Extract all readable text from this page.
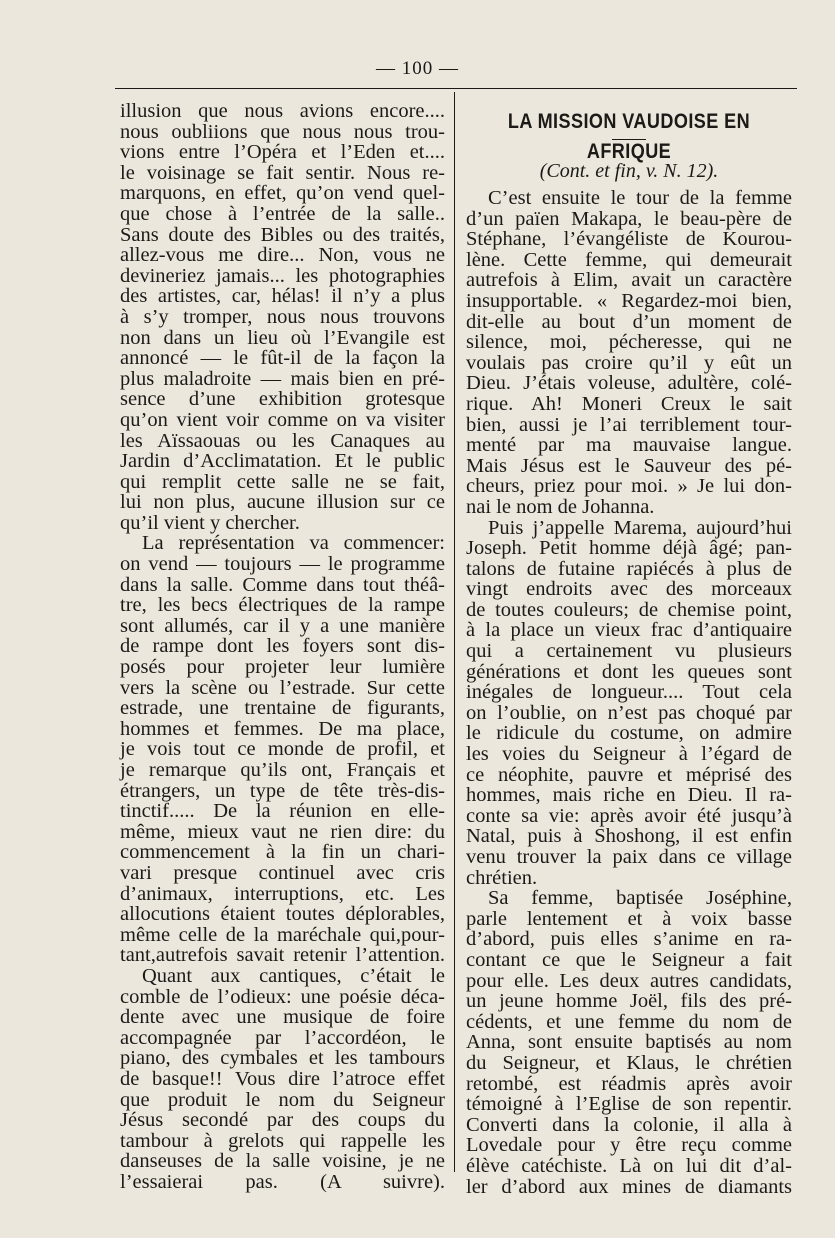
— 100 —
illusion que nous avions encore....
nous oubliions que nous nous trou-
vions entre l’Opéra et l’Eden et....
le voisinage se fait sentir. Nous re-
marquons, en effet, qu’on vend quel-
que chose à l’entrée de la salle..
Sans doute des Bibles ou des traités,
allez-vous me dire... Non, vous ne
devineriez jamais... les photographies
des artistes, car, hélas! il n’y a plus
à s’y tromper, nous nous trouvons
non dans un lieu où l’Evangile est
annoncé — le fût-il de la façon la
plus maladroite — mais bien en pré-
sence d’une exhibition grotesque
qu’on vient voir comme on va visiter
les Aïssaouas ou les Canaques au
Jardin d’Acclimatation. Et le public
qui remplit cette salle ne se fait,
lui non plus, aucune illusion sur ce
qu’il vient y chercher.
La représentation va commencer:
on vend — toujours — le programme
dans la salle. Comme dans tout théâ-
tre, les becs électriques de la rampe
sont allumés, car il y a une manière
de rampe dont les foyers sont dis-
posés pour projeter leur lumière
vers la scène ou l’estrade. Sur cette
estrade, une trentaine de figurants,
hommes et femmes. De ma place,
je vois tout ce monde de profil, et
je remarque qu’ils ont, Français et
étrangers, un type de tête très-dis-
tinctif..... De la réunion en elle-
même, mieux vaut ne rien dire: du
commencement à la fin un chari-
vari presque continuel avec cris
d’animaux, interruptions, etc. Les
allocutions étaient toutes déplorables,
même celle de la maréchale qui,pour-
tant,autrefois savait retenir l’attention.
Quant aux cantiques, c’était le
comble de l’odieux: une poésie déca-
dente avec une musique de foire
accompagnée par l’accordéon, le
piano, des cymbales et les tambours
de basque!! Vous dire l’atroce effet
que produit le nom du Seigneur
Jésus secondé par des coups du
tambour à grelots qui rappelle les
danseuses de la salle voisine, je ne
l’essaierai pas. (A suivre).
LA MISSION VAUDOISE EN AFRIQUE
(Cont. et fin, v. N. 12).
C’est ensuite le tour de la femme
d’un païen Makapa, le beau-père de
Stéphane, l’évangéliste de Kourou-
lène. Cette femme, qui demeurait
autrefois à Elim, avait un caractère
insupportable. « Regardez-moi bien,
dit-elle au bout d’un moment de
silence, moi, pécheresse, qui ne
voulais pas croire qu’il y eût un
Dieu. J’étais voleuse, adultère, colé-
rique. Ah! Moneri Creux le sait
bien, aussi je l’ai terriblement tour-
menté par ma mauvaise langue.
Mais Jésus est le Sauveur des pé-
cheurs, priez pour moi. » Je lui don-
nai le nom de Johanna.
Puis j’appelle Marema, aujourd’hui
Joseph. Petit homme déjà âgé; pan-
talons de futaine rapiécés à plus de
vingt endroits avec des morceaux
de toutes couleurs; de chemise point,
à la place un vieux frac d’antiquaire
qui a certainement vu plusieurs
générations et dont les queues sont
inégales de longueur.... Tout cela
on l’oublie, on n’est pas choqué par
le ridicule du costume, on admire
les voies du Seigneur à l’égard de
ce néophite, pauvre et méprisé des
hommes, mais riche en Dieu. Il ra-
conte sa vie: après avoir été jusqu’à
Natal, puis à Shoshong, il est enfin
venu trouver la paix dans ce village
chrétien.
Sa femme, baptisée Joséphine,
parle lentement et à voix basse
d’abord, puis elles s’anime en ra-
contant ce que le Seigneur a fait
pour elle. Les deux autres candidats,
un jeune homme Joël, fils des pré-
cédents, et une femme du nom de
Anna, sont ensuite baptisés au nom
du Seigneur, et Klaus, le chrétien
retombé, est réadmis après avoir
témoigné à l’Eglise de son repentir.
Converti dans la colonie, il alla à
Lovedale pour y être reçu comme
élève catéchiste. Là on lui dit d’al-
ler d’abord aux mines de diamants
